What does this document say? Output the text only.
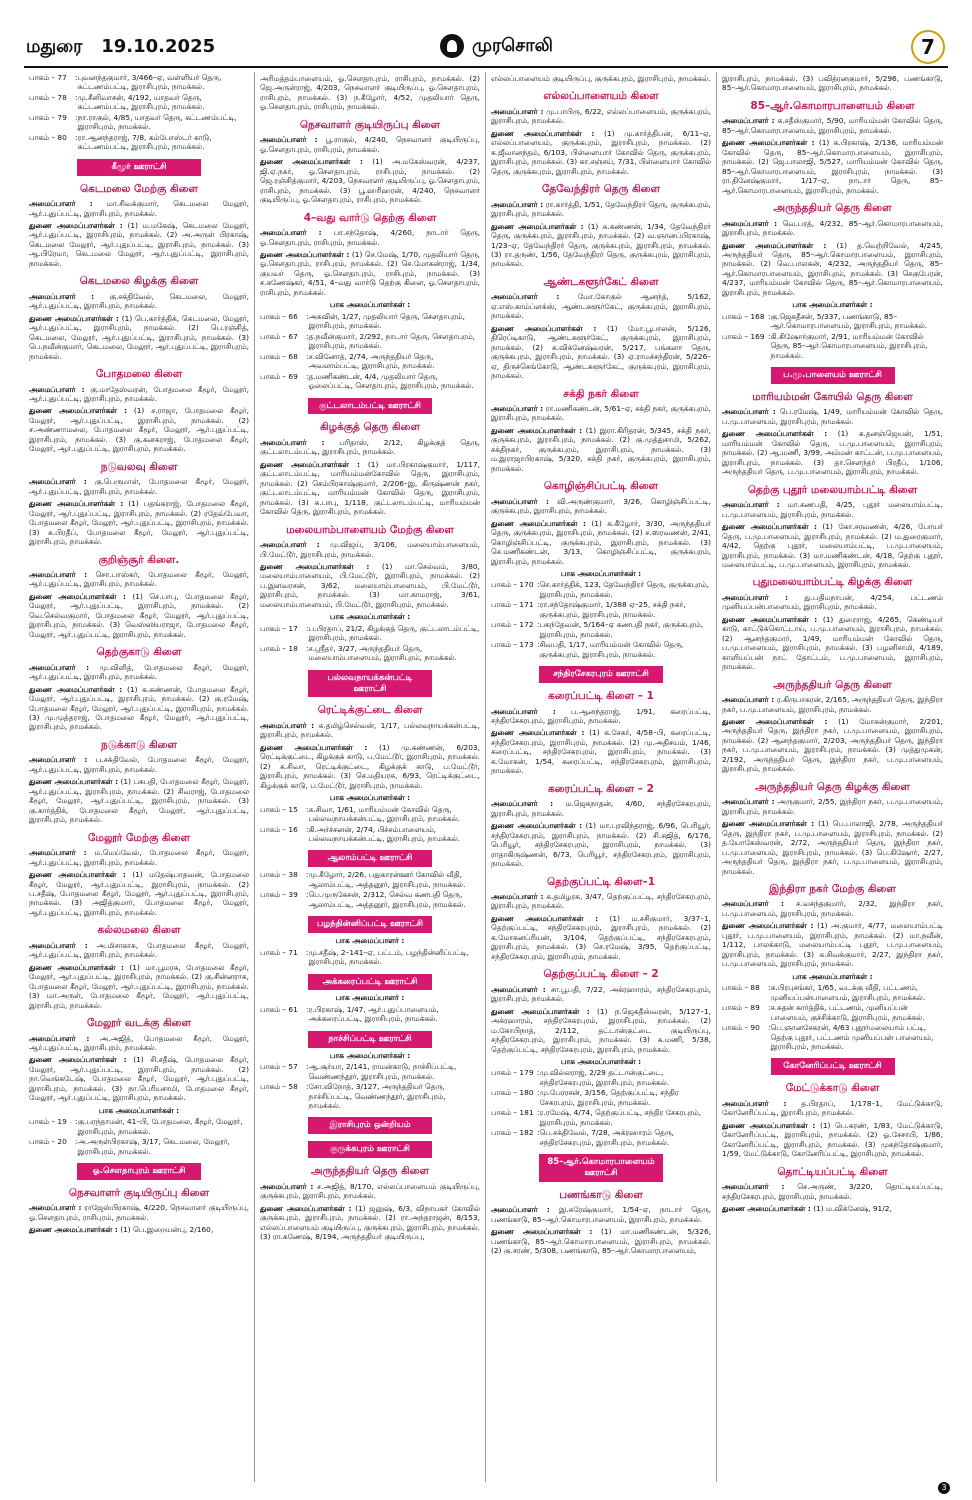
மதுரை 19.10.2025	முரசொலி	7
பாகம் – 77	: புவனந்தகுமார், 3/466–ஏ, வள்ளியர் தெரு, கட்டணம்பட்டி, இராசிபுரம், நாமக்கல்.
பாகம் – 78	: மு.சீனிவாசன், 4/192, யாதவர் தெரு, கட்டணம்பட்டி, இராசிபுரம், நாமக்கல்.
பாகம் – 79	: நா.ராகுல், 4/85, யாதவர் தெரு, கட்டணம்பட்டி, இராசிபுரம், நாமக்கல்.
பாகம் – 80	: ரா.ஆனந்தராஜ், 7/8, கம்போஸ்டர் காடு, கட்டணம்பட்டி, இராசிபுரம், நாமக்கல்.
கீழூர் ஊராட்சி
கெடமலை மேற்கு கிளை
அமைப்பாளர் : மா.சிவக்குமார், கெடமலை மேலூர், ஆர்.புதுப்பட்டி, இராசிபுரம், நாமக்கல்.
துணை அமைப்பாளர்கள் : (1) ம.மகேஷ், கெடமலை மேலூர், ஆர்.புதுப்பட்டி, இராசிபுரம், நாமக்கல். (2) அ.அருள் பிரகாஷ், கெடமலை மேலூர், ஆர்.புதுப்பட்டி, இராசிபுரம், நாமக்கல். (3) ஆ.பிரேமா, கெடமலை மேலூர், ஆர்.புதுப்பட்டி, இராசிபுரம், நாமக்கல்.
கெடமலை கிழக்கு கிளை
அமைப்பாளர் : கு.சக்திவேல், கெடமலை, மேலூர், ஆர்.புதுப்பட்டி, இராசிபுரம், நாமக்கல்.
துணை அமைப்பாளர்கள் : (1) பெ.கார்த்திக், கெடமலை, மேலூர், ஆர்.புதுப்பட்டி, இராசிபுரம், நாமக்கல். (2) பெ.ரஞ்சித், கெடமலை, மேலூர், ஆர்.புதுப்பட்டி, இராசிபுரம், நாமக்கல். (3) பெ.நவீன்குமார், கெடமலை, மேலூர், ஆர்.புதுப்பட்டி, இராசிபுரம், நாமக்கல்.
போதமலை கிளை
அமைப்பாளர் : கு.மாதேஸ்வரன், போதமலை கீழூர், மேலூர், ஆர்.புதுப்பட்டி, இராசிபுரம், நாமக்கல்.
துணை அமைப்பாளர்கள் : (1) ச.ராஜா, போதமலை கீழூர், மேலூர், ஆர்.புதுப்பட்டி, இராசிபுரம், நாமக்கல். (2) ச.அண்ணாமலை, போதமலை கீழூர், மேலூர், ஆர்.புதுப்பட்டி, இராசிபுரம், நாமக்கல். (3) கு.கனகராஜ், போதமலை கீழூர், மேலூர், ஆர்.புதுப்பட்டி, இராசிபுரம், நாமக்கல்.
நடுவலவு கிளை
அமைப்பாளர் : கு.பெருமாள், போதமலை கீழூர், மேலூர், ஆர்.புதுப்பட்டி, இராசிபுரம், நாமக்கல்.
துணை அமைப்பாளர்கள் : (1) பதங்கராஜ், போதமலை கீழூர், மேலூர், ஆர்.புதுப்பட்டி, இராசிபுரம், நாமக்கல். (2) ரதேவ்பேவா, போதமலை கீழூர், மேலூர், ஆர்.புதுப்பட்டி, இராசிபுரம், நாமக்கல். (3) சு.பிரதீப், போதமலை கீழூர், மேலூர், ஆர்.புதுப்பட்டி, இராசிபுரம், நாமக்கல்.
குறிஞ்சூர் கிளை.
அமைப்பாளர் : சொ.பாஸ்கர், போதமலை கீழூர், மேலூர், ஆர்.புதுப்பட்டி, இராசிபுரம், நாமக்கல்.
துணை அமைப்பாளர்கள் : (1) செ.பாபு, போதமலை கீழூர், மேலூர், ஆர்.புதுப்பட்டி, இராசிபுரம், நாமக்கல். (2) வெ.செல்வகுமார், போதமலை கீழூர், மேலூர், ஆர்.புதுப்பட்டி, இராசிபுரம், நாமக்கல். (3) வெஸ்ஸியராஜா, போதமலை கீழூர், மேலூர், ஆர்.புதுப்பட்டி, இராசிபுரம், நாமக்கல்.
தெற்குகாடு கிளை
அமைப்பாளர் : மு.விளித், போதமலை கீழூர், மேலூர், ஆர்.புதுப்பட்டி, இராசிபுரம், நாமக்கல்.
துணை அமைப்பாளர்கள் : (1) க.கண்ணன், போதமலை கீழூர், மேலூர், ஆர்.புதுப்பட்டி, இராசிபுரம், நாமக்கல். (2) கு.ரமேஷ், போதமலை கீழூர், மேலூர், ஆர்.புதுப்பட்டி, இராசிபுரம், நாமக்கல். (3) மு.முத்தராஜ், போதமலை கீழூர், மேலூர், ஆர்.புதுப்பட்டி, இராசிபுரம், நாமக்கல்.
நடுக்காடு கிளை
அமைப்பாளர் : ப.சக்திவேல், போதமலை கீழூர், மேலூர், ஆர்.புதுப்பட்டி, இராசிபுரம், நாமக்கல்.
துணை அமைப்பாளர்கள் : (1) பசுபதி, போதமலை கீழூர், மேலூர், ஆர்.புதுப்பட்டி, இராசிபுரம், நாமக்கல். (2) சிவராஜ், போதமலை கீழூர், மேலூர், ஆர்.புதுப்பட்டி, இராசிபுரம், நாமக்கல். (3) கு.கார்த்திக், போதமலை கீழூர், மேலூர், ஆர்.புதுப்பட்டி, இராசிபுரம், நாமக்கல்.
மேலூர் மேற்கு கிளை
அமைப்பாளர் : ம.மெய்வேல், போதமலை கீழூர், மேலூர், ஆர்.புதுப்பட்டி, இராசிபுரம், நாமக்கல்.
துணை அமைப்பாளர்கள் : (1) மதேஷ்பாதவன், போதமலை கீழூர், மேலூர், ஆர்.புதுப்பட்டி, இராசிபுரம், நாமக்கல். (2) ப.சதீஷ், போதமலை கீழூர், மேலூர், ஆர்.புதுப்பட்டி, இராசிபுரம், நாமக்கல். (3) அஜித்குமார், போதமலை கீழூர், மேலூர், ஆர்.புதுப்பட்டி, இராசிபுரம், நாமக்கல்.
கல்லமலை கிளை
அமைப்பாளர் : அ.மிசாகாசு, போதமலை கீழூர், மேலூர், ஆர்.புதுப்பட்டி, இராசிபுரம், நாமக்கல்.
துணை அமைப்பாளர்கள் : (1) மா.பூமரசு, போதமலை கீழூர், மேலூர், ஆர்.புதுப்பட்டி, இராசிபுரம், நாமக்கல். (2) கு.சின்னராசு, போதமலை கீழூர், மேலூர், ஆர்.புதுப்பட்டி, இராசிபுரம், நாமக்கல். (3) மா.அருள், போதமலை கீழூர், மேலூர், ஆர்.புதுப்பட்டி, இராசிபுரம், நாமக்கல்.
மேலூர் வடக்கு கிளை
அமைப்பாளர் : அ.அஜித், போதமலை கீழூர், மேலூர், ஆர்.புதுப்பட்டி, இராசிபுரம், நாமக்கல்.
துணை அமைப்பாளர்கள் : (1) சி.சதீஷ், போதமலை கீழூர், மேலூர், ஆர்.புதுப்பட்டி, இராசிபுரம், நாமக்கல். (2) நா.வெங்கடேஷ், போதமலை கீழூர், மேலூர், ஆர்.புதுப்பட்டி, இராசிபுரம், நாமக்கல். (3) நா.பெரியசாமி, போதமலை கீழூர், மேலூர், ஆர்.புதுப்பட்டி, இராசிபுரம், நாமக்கல்.
பாக அமைப்பாளர்கள் :
பாகம் – 19	: கு.பரந்தாமன், 41–பி, போதமலை, கீழூர், மேலூர், இராசிபுரம், நாமக்கல்.
பாகம் – 20	: அ.அருள்பிரகாஷ், 3/17, கெடமலை, மேலூர், இராசிபுரம், நாமக்கல்.
ஓ.சௌதாபுரம் ஊராட்சி
நெசவாளர் குடியிருப்பு கிளை
அமைப்பாளர் : ராஜேஸ்பிரகாஷ், 4/220, நெசவாளர் குடியிருப்பு, ஓ.சௌதாபுரம், ராசிபுரம், நாமக்கல்.
துணை அமைப்பாளர்கள் : (1) பெ.இறையன்பு, 2/160,
அரிமத்தம்பாளையம், ஓ.சௌதாபுரம், ராசிபுரம், நாமக்கல். (2) ஜெ.அருள்ராஜ், 4/203, நெசவாளர் குடியிருப்பு, ஓ.சௌதாபுரம், ராசிபுரம், நாமக்கல். (3) ந.கீழோர், 4/52, முதலியார் தெரு, ஓ.சௌதாபுரம், ராசிபுரம், நாமக்கல்.
நெசவாளர் குடியிருப்பு கிளை
அமைப்பாளர் : பூ.ராகுல், 4/240, நெசவாளர் குடியிருப்பு, ஓ.சௌதாபுரம், ராசிபுரம், நாமக்கல்.
துணை அமைப்பாளர்கள் : (1) அ.மகேஸ்வரன், 4/237, ஜி.ஏ.நகர், ஓ.சௌதாபுரம், ராசிபுரம், நாமக்கல். (2) ஜெ.ரஞ்சித்குமார், 4/203, நெசவாளர் குடியிருப்பு, ஓ.சௌதாபுரம், ராசிபுரம், நாமக்கல். (3) பூ.ஹரிஹரன், 4/240, நெசவாளர் குடியிருப்பு, ஓ.சௌதாபுரம், ராசிபுரம், நாமக்கல்.
4–வது வார்டு தெற்கு கிளை
அமைப்பாளர் : பா.சந்தோஷ், 4/260, நாடார் தெரு, ஓ.சௌதாபுரம், ராசிபுரம், நாமக்கல்.
துணை அமைப்பாளர்கள் : (1) செ.மேஷ், 1/70, முதலியார் தெரு, ஓ.சௌதாபுரம், ராசிபுரம், நாமக்கல். (2) செ.மோகன்ராஜ், 1/34, குயவர் தெரு, ஓ.சௌதாபுரம், ராசிபுரம், நாமக்கல். (3) ச.கணேஷ்கர், 4/51, 4–வது வார்டு தெற்கு கிளை, ஓ.சௌதாபுரம், ராசிபுரம், நாமக்கல்.
பாக அமைப்பாளர்கள் :
பாகம் – 66	: அசுவின், 1/27, முதலியார் தெரு, சௌதாபுரம், இராசிபுரம், நாமக்கல்.
பாகம் – 67	: த.நவீன்குமார், 2/292, நாடார் தெரு, சௌதாபுரம், இராசிபுரம், நாமக்கல்.
பாகம் – 68	: ச.வினோத், 2/74, அருந்ததியர் தெரு, அவலாம்பட்டி, இராசிபுரம், நாமக்கல்.
பாகம் – 69	: த.மணிகண்டன், 4/4, முதலியார் தெரு, ஓலைப்பட்டி, சௌதாபுரம், இராசிபுரம், நாமக்கல்.
குட்டலாடம்பட்டி ஊராட்சி
கிழக்குத் தெரு கிளை
அமைப்பாளர் : பரிதாஸ், 2/12, கிழக்குத் தெரு, குட்டலாடம்பட்டி, இராசிபுரம், நாமக்கல்.
துணை அமைப்பாளர்கள் : (1) மா.பிரகாஷ்குமார், 1/117, குட்டலாடம்பட்டி, மாரியம்மன்கோவில் தெரு, இராசிபுரம், நாமக்கல். (2) செம்பிரகாஷ்குமார், 2/206–இ, கிருஷ்ணன் நகர், குட்டலாடம்பட்டி, மாரியம்மன் கோவில் தெரு, இராசிபுரம், நாமக்கல். (3) க.பாபு, 1/118, குட்டலாடம்பட்டி, மாரியம்மன் கோவில் தெரு, இராசிபுரம், நாமக்கல்.
மலையாம்பாளையம் மேற்கு கிளை
அமைப்பாளர் : மு.விஜய், 3/106, மலையாம்பாளையம், பி.மேட்டூர், இராசிபுரம், நாமக்கல்.
துணை அமைப்பாளர்கள் : (1) மா.செல்வம், 3/80, மலையாம்பாளையம், பி.மேட்டூர், இராசிபுரம், நாமக்கல். (2) ப.இளவரசன், 3/62, மலையாம்பாளையம், பி.மேட்டூர், இராசிபுரம், நாமக்கல். (3) மா.காமராஜ், 3/61, மலையாம்பாளையம், பி.மேட்டூர், இராசிபுரம், நாமக்கல்.
பாக அமைப்பாளர்கள் :
பாகம் – 17	: ப.பிரதாப், 21/2, கிழக்குத் தெரு, குட்டலாடம்பட்டி, இராசிபுரம், நாமக்கல்.
பாகம் – 18	: ச.ஸ்ரீதர், 3/27, அருந்ததியர் தெரு, மலையாம்பாளையம், இராசிபுரம், நாமக்கல்.
பல்லவநாயக்கன்பட்டி ஊராட்சி
ரெட்டிக்குட்டை கிளை
அமைப்பாளர் : க.தமிழ்செல்வன், 1/17, பல்லவநாயக்கன்பட்டி, இராசிபுரம், நாமக்கல்.
துணை அமைப்பாளர்கள் : (1) மு.கண்ணன், 6/203, ரெட்டிக்குட்டை, கிழக்குக் காடு, ப.மேட்டூர், இராசிபுரம், நாமக்கல். (2) க.சிவா, ரெட்டிக்குட்டை, கிழக்குக் காடு, ப.மேட்டூர், இராசிபுரம், நாமக்கல். (3) செ.மதியரசு, 6/93, ரெட்டிக்குட்டை, கிழக்குக் காடு, ப.மேட்டூர், இராசிபுரம், நாமக்கல்.
பாக அமைப்பாளர்கள் :
பாகம் – 15	: க.சிவா, 1/61, மாரியம்மன் கோவில் தெரு, பல்லவநாயக்கன்பட்டி, இராசிபுரம், நாமக்கல்.
பாகம் – 16	: கி.அர்ச்சனன், 2/74, பிச்சம்பாளையம், பல்லவநாயக்கன்பட்டி, இராசிபுரம், நாமக்கல்.
ஆலாம்பட்டி ஊராட்சி
பாகம் – 38	: மு.கீழோர், 2/26, பதுகாரன்ஊர் கோவில் வீதி, ஆலாம்பட்டி, அத்தனூர், இராசிபுரம், நாமக்கல்.
பாகம் – 39	: பெ.முருகேசன், 2/312, செல்வ கணபதி தெரு, ஆலாம்பட்டி, அத்தனூர், இராசிபுரம், நாமக்கல்.
பழந்தின்னிப்பட்டி ஊராட்சி
பாக அமைப்பாளர் :
பாகம் – 71	: மு.சதீஷ், 2–141–ஏ, பட்டம், பழந்தின்னிப்பட்டி, இராசிபுரம், நாமக்கல்.
அக்கரைப்பட்டி ஊராட்சி
பாக அமைப்பாளர் :
பாகம் – 61	: ர.பிரகாஷ், 1/47, ஆர்.புதுப்பாளையம், அக்கரைப்பட்டி, இராசிபுரம், நாமக்கல்.
நாச்சிப்பட்டி ஊராட்சி
பாக அமைப்பாளர்கள் :
பாகம் – 57	: ஆ.சூர்யா, 2/141, ராமன்காடு, நாச்சிப்பட்டி, வெண்ணந்தூர், இராசிபுரம், நாமக்கல்.
பாகம் – 58	: சோ.விநோத், 3/127, அருந்ததியர் தெரு, நாச்சிப்பட்டி, வெண்ணந்தூர், இராசிபுரம், நாமக்கல்.
இராசிபுரம் ஒன்றியம்
குருக்கபுரம் ஊராட்சி
அருந்ததியர் தெரு கிளை
அமைப்பாளர் : ச.அஜித், 8/170, எல்லப்பாளையம் குடியிருப்பு, குருக்கபுரம், இராசிபுரம், நாமக்கல்.
துணை அமைப்பாளர்கள் : (1) ஜனுஷ், 6/3, விநாயகர் கோவில் குருக்கபுரம், இராசிபுரம், நாமக்கல். (2) ரா.அந்தராஜன், 8/153, எல்லப்பாளையம் குடியிருப்பு, குருக்கபுரம், இராசிபுரம், நாமக்கல். (3) ரா.கணேஷ், 8/194, அருந்ததியர் குடியிருப்பு,
எல்லப்பாளையம் குடியிருப்பு, குருக்கபுரம், இராசிபுரம், நாமக்கல்.
எல்லப்பாளையம் கிளை
அமைப்பாளர் : மு.பாபிரு, 6/22, எல்லப்பாளையம், குருக்கபுரம், இராசிபுரம், நாமக்கல்.
துணை அமைப்பாளர்கள் : (1) மு.கார்த்திபன், 6/11–ஏ, எல்லப்பாளையம், குருக்கபுரம், இராசிபுரம், நாமக்கல். (2) க.ஜீவானந்தம், 6/103, பிள்ளையார் கோவில் தெரு, குருக்கபுரம், இராசிபுரம், நாமக்கல். (3) கா.சஞ்சய், 7/31, பிள்ளையார் கோவில் தெரு, குருக்கபுரம், இராசிபுரம், நாமக்கல்.
தேவேந்திரர் தெரு கிளை
அமைப்பாளர் : ரா.கார்த்தி, 1/51, தேவேந்திரர் தெரு, குருக்கபுரம், இராசிபுரம், நாமக்கல்.
துணை அமைப்பாளர்கள் : (1) சு.கண்ணன், 1/34, தேவேந்திரர் தெரு, குருக்கபுரம், இராசிபுரம், நாமக்கல். (2) வ.ஞானப்பிரகாஷ், 1/23–ஏ, தேவேந்திரர் தெரு, குருக்கபுரம், இராசிபுரம், நாமக்கல். (3) ரா.தருண், 1/56, தேவேந்திரர் தெரு, குருக்கபுரம், இராசிபுரம், நாமக்கல்.
ஆண்டகளூர்கேட் கிளை
அமைப்பாளர் :	மோ.கோகுல் ஆனந்த், 5/162, ஏ.எஸ்.காம்ப்ளக்ஸ், ஆண்டகளூர்கேட், குருக்கபுரம், இராசிபுரம், நாமக்கல்.
துணை அமைப்பாளர்கள் : (1) மோ.பூபாலன், 5/126, திரெப்டிகாடு, ஆண்டகளூர்கேட், குருக்கபுரம், இராசிபுரம், நாமக்கல். (2) க.விக்னேஷ்வரன், 5/217, பங்களா தெரு, குருக்கபுரம், இராசிபுரம், நாமக்கல். (3) ஏ.ராமச்சந்திரன், 5/226–ஏ, திருச்செங்கோடு, ஆண்டகளூர்கேட், குருக்கபுரம், இராசிபுரம், நாமக்கல்.
சக்தி நகர் கிளை
அமைப்பாளர் : ரா.மணிகண்டன், 5/61–ஏ, சக்தி நகர், குருக்கபுரம், இராசிபுரம், நாமக்கல்.
துணை அமைப்பாளர்கள் : (1) இரா.கிரிதரன், 5/345, சக்தி நகர், குருக்கபுரம், இராசிபுரம், நாமக்கல். (2) கு.முத்துசாமி, 5/262, சக்திநகர், குருக்கபுரம், இராசிபுரம், நாமக்கல். (3) ம.இராஜாபிரகாஷ், 5/320, சக்தி நகர், குருக்கபுரம், இராசிபுரம், நாமக்கல்.
கொழிஞ்சிப்பட்டி கிளை
அமைப்பாளர் : வி.அருண்குமார், 3/26, கொழிஞ்சிப்பட்டி, குருக்கபுரம், இராசிபுரம், நாமக்கல்.
துணை அமைப்பாளர்கள் : (1) க.கீழோர், 3/30, அருந்ததியர் தெரு, குருக்கபுரம், இராசிபுரம், நாமக்கல். (2) ச.ஸரவணன், 2/41, கொழிஞ்சிப்பட்டி, குருக்கபுரம், இராசிபுரம், நாமக்கல். (3) செ.மணிகண்டன், 3/13, கொழிஞ்சிப்பட்டி, குருக்கபுரம், இராசிபுரம், நாமக்கல்.
பாக அமைப்பாளர்கள் :
பாகம் – 170 : செ.கார்த்திக், 123, தேவேந்திரர் தெரு, குருக்கபுரம், இராசிபுரம், நாமக்கல்.
பாகம் – 171 : ரா.சந்தோஷ்குமார், 1/388 ஏ–25, சக்தி நகர், குருக்கபுரம், இராசிபுரம், நாமக்கல்.
பாகம் – 172 : பசுந்தேவன், 5/164–ஏ கணபதி நகர், குருக்கபுரம், இராசிபுரம், நாமக்கல்.
பாகம் – 173 : சிவபதி, 1/17, மாரியம்மன் கோவில் தெரு, குருக்கபுரம், இராசிபுரம், நாமக்கல்.
சந்திரசேகரபுரம் ஊராட்சி
கரைப்பட்டி கிளை – 1
அமைப்பாளர் : ப.ஆனந்தராஜ், 1/91, கரைப்பட்டி, சந்திரசேகரபுரம், இராசிபுரம், நாமக்கல்.
துணை அமைப்பாளர்கள் : (1) க.சேகர், 4/58–பி, கரைப்பட்டி, சந்திரசேகரபுரம், இராசிபுரம், நாமக்கல். (2) மு.அதிசயம், 1/46, கரைப்பட்டி, சந்திரசேகரபுரம், இராசிபுரம், நாமக்கல். (3) க.மோகன், 1/54, கரைப்பட்டி, சந்திரசேகரபுரம், இராசிபுரம், நாமக்கல்.
கரைப்பட்டி கிளை – 2
அமைப்பாளர் : ம.ஜெகநாதன், 4/60, சந்திரசேகரபுரம், இராசிபுரம், நாமக்கல்.
துணை அமைப்பாளர்கள் : (1) மா.புரவிந்தராஜ், 6/96, பெரியூர், சந்திரசேகரபுரம், இராசிபுரம், நாமக்கல். (2) சி.சுஜித், 6/176, பெரியூர், சந்திரசேகரபுரம், இராசிபுரம், நாமக்கல். (3) ராதாகிருஷ்ணன், 6/73, பெரியூர், சந்திரசேகரபுரம், இராசிபுரம், நாமக்கல்.
தெற்குப்பட்டி கிளை–1
அமைப்பாளர் : க.தமிழரசு, 3/47, தெற்குப்பட்டி, சந்திரசேகரபுரம், இராசிபுரம், நாமக்கல்.
துணை அமைப்பாளர்கள் : (1) ம.சசிகுமார், 3/37–1, தெற்குப்பட்டி, சந்திரசேகரபுரம், இராசிபுரம், நாமக்கல். (2) க.மோகனப்ரியன், 3/104, தெற்குப்பட்டி, சந்திரசேகரபுரம், இராசிபுரம், நாமக்கல். (3) செ.ரமேஷ், 3/95, தெற்குப்பட்டி, சந்திரசேகரபுரம், இராசிபுரம், நாமக்கல்.
தெற்குப்பட்டி கிளை – 2
அமைப்பாளர் : சா.பூபதி, 7/22, அக்ரஹாரம், சந்திரசேகரபுரம், இராசிபுரம், நாமக்கல்.
துணை அமைப்பாளர்கள் : (1) ந.ஜெகதீஸ்வரன், 5/127–1, அக்ரஹாரம், சந்திரசேகரபுரம், இராசிபுரம், நாமக்கல். (2) ம.கோபிநாத், 2/112, தட்டான்குட்டை குடியிருப்பு, சந்திரசேகரபுரம், இராசிபுரம், நாமக்கல். (3) சு.மணி, 5/38, தெற்குப்பட்டி, சந்திரசேகரபுரம், இராசிபுரம், நாமக்கல்.
பாக அமைப்பாளர்கள் :
பாகம் – 179 : மு.வில்லராஜ், 2/29 தட்டான்குட்டை, சந்திரசேகரபுரம், இராசிபுரம், நாமக்கல்.
பாகம் – 180 : மு.பேரரசன், 3/156, தெற்குப்பட்டி, சந்திர சேகரபுரம், இராசிபுரம், நாமக்கல்.
பாகம் – 181 : ர.ரமேஷ், 4/74, தெற்குப்பட்டி, சந்திர சேகரபுரம், இராசிபுரம், நாமக்கல்.
பாகம் – 182 : பெ.சக்திவேல், 7/28, அக்ரஹாரம் தெரு, சந்திரசேகரபுரம், இராசிபுரம், நாமக்கல்.
85–ஆர்.கொமாரபாளையம் ஊராட்சி
பணங்காடு கிளை
அமைப்பாளர் : இ.சுரேஷ்குமார், 1/54–ஏ, நாடார் தெரு, பணங்காடு, 85–ஆர்.கொமாரபாளையம், இராசிபுரம், நாமக்கல்.
துணை அமைப்பாளர்கள் : (1) மா.மணிகண்டன், 5/326, பணங்காடு, 85–ஆர்.கொமாரபாளையம், இராசிபுரம், நாமக்கல். (2) கு.சரண், 5/308, பணங்காடு, 85–ஆர்.கொமாரபாளையம்,
இராசிபுரம், நாமக்கல். (3) பவித்ரனகுமார், 5/296, பணங்காடு, 85–ஆர்.கொமாரபாளையம், இராசிபுரம், நாமக்கல்.
85–ஆர்.கொமாரபாளையம் கிளை
அமைப்பாளர் : க.சதீஸ்குமார், 5/90, மாரியம்மன் கோவில் தெரு, 85–ஆர்.கொமாரபாளையம், இராசிபுரம், நாமக்கல்.
துணை அமைப்பாளர்கள் : (1) க.பிரகாஷ், 2/136, மாரியம்மன் கோவில் தெரு, 85–ஆர்.கொமாரபாளையம், இராசிபுரம், நாமக்கல். (2) ஜெ.பாலாஜி, 5/527, மாரியம்மன் கோவில் தெரு, 85–ஆர்.கொமாரபாளையம், இராசிபுரம், நாமக்கல். (3) ரா.தினேஷ்குமார், 1/17–ஏ, நாடார் தெரு, 85–ஆர்.கொமாரபாளையம், இராசிபுரம், நாமக்கல்.
அருந்ததியர் தெரு கிளை
அமைப்பாளர் : வெ.பரத், 4/232, 85–ஆர்.கொமாரபாளையம், இராசிபுரம், நாமக்கல்.
துணை அமைப்பாளர்கள் : (1) த.வெற்றிவேல், 4/245, அருந்ததியர் தெரு, 85–ஆர்.கொமாரபாளையம், இராசிபுரம், நாமக்கல். (2) வெ.பாலகன், 4/232, அருந்ததியர் தெரு, 85–ஆர்.கொமாரபாளையம், இராசிபுரம், நாமக்கல். (3) செகுபேரன், 4/237, மாரியம்மன் கோவில் தெரு, 85–ஆர்.கொமாரபாளையம், இராசிபுரம், நாமக்கல்.
பாக அமைப்பாளர்கள் :
பாகம் – 168 : கு.ஜெகதீசன், 5/337, பணங்காடு, 85–ஆர்.கொமாரபாளையம், இராசிபுரம், நாமக்கல்.
பாகம் – 169 : கி.கிஷோர்குமார், 2/91, மாரியம்மன் கோவில் தெரு, 85–ஆர்.கொமாரபாளையம், இராசிபுரம், நாமக்கல்.
ப.மு.பாளையம் ஊராட்சி
மாரியம்மன் கோயில் தெரு கிளை
அமைப்பாளர் : பெ.ரமேஷ், 1/49, மாரியம்மன் கோவில் தெரு, ப.மு.பாளையம், இராசிபுரம், நாமக்கல்.
துணை அமைப்பாளர்கள் : (1) க.தனஞ்ஜெயன், 1/51, மாரியம்மன் கோவில் தெரு, ப.மு.பாளையம், இராசிபுரம், நாமக்கல். (2) ஆ.மணி, 3/99, அம்மன் காட்டன், ப.மு.பாளையம், இராசிபுரம், நாமக்கல். (3) தா.சௌந்தர் பிரதீப், 1/106, அருந்ததியர் தெரு, ப.மு.பாளையம், இராசிபுரம், நாமக்கல்.
தெற்கு புதூர் மலையாம்பட்டி கிளை
அமைப்பாளர் : மா.கணபதி, 4/25, புதூர் மலையாம்பட்டி, ப.மு.பாளையம், இராசிபுரம், நாமக்கல்.
துணை அமைப்பாளர்கள் : (1) கோ.சரவணன், 4/26, போயர் தெரு, ப.மு.பாளையம், இராசிபுரம், நாமக்கல். (2) ம.துரைகுமார், 4/42, தெற்கு புதூர், மலையாம்பட்டி, ப.மு.பாளையம், இராசிபுரம், நாமக்கல். (3) மா.மணிகண்டன், 4/18, தெற்கு புதூர், மலையாம்பட்டி, ப.மு.பாளையம், இராசிபுரம், நாமக்கல்.
புதுமலையாம்பட்டி கிழக்கு கிளை
அமைப்பாளர் : து.பதிமநாபன், 4/254, பட்டணம் முனியப்பன்பாளையம், இராசிபுரம், நாமக்கல்.
துணை அமைப்பாளர்கள் : (1) துரைராஜ், 4/265, கெண்டியர் காடு, காட்டுக்கொட்டாய், ப.மு.பாளையம், இராசிபுரம், நாமக்கல். (2) ஆனந்தகுமார், 1/49, மாரியம்மன் கோவில் தெரு, ப.மு.பாளையம், இராசிபுரம், நாமக்கல். (3) பழனிசாமி, 4/189, காளியப்பன் நாட் தோட்டம், ப.மு.பாளையம், இராசிபுரம், நாமக்கல்.
அருந்ததியர் தெரு கிளை
அமைப்பாளர் : ர.கிருபாகரன், 2/165, அருந்ததியர் தெரு, இந்திரா நகர், ப.மு.பாளையம், இராசிபுரம், நாமக்கல்.
துணை அமைப்பாளர்கள் : (1) மோகன்குமார், 2/201, அருந்ததியர் தெரு, இந்திரா நகர், ப.மு.பாளையம், இராசிபுரம், நாமக்கல். (2) ஆனந்தகுமார், 2/203, அருந்ததியர் தெரு, இந்திரா நகர், ப.மு.பாளையம், இராசிபுரம், நாமக்கல். (3) முத்துமுகன், 2/192, அருந்ததியர் தெரு, இந்திரா நகர், ப.மு.பாளையம், இராசிபுரம், நாமக்கல்.
அருந்ததியர் தெரு கிழக்கு கிளை
அமைப்பாளர் : அருகுமார், 2/55, இந்திரா நகர், ப.மு.பாளையம், இராசிபுரம், நாமக்கல்.
துணை அமைப்பாளர்கள் : (1) பெ.பாலாஜி, 2/78, அருந்ததியர் தெரு, இந்திரா நகர், ப.மு.பாளையம், இராசிபுரம், நாமக்கல். (2) த.யோகேஸ்வரன், 2/72, அருந்ததியர் தெரு, இந்திரா நகர், ப.மு.பாளையம், இராசிபுரம், நாமக்கல். (3) பெ.கிஷோர், 2/27, அருந்ததியர் தெரு, இந்திரா நகர், ப.மு.பாளையம், இராசிபுரம், நாமக்கல்.
இந்திரா நகர் மேற்கு கிளை
அமைப்பாளர் : ச.வசந்தகுமார், 2/32, இந்திரா நகர், ப.மு.பாளையம், இராசிபுரம், நாமக்கல்.
துணை அமைப்பாளர்கள் : (1) அ.குமார், 4/77, மலையாம்பட்டி புதூர், ப.மு.பாளையம், இராசிபுரம், நாமக்கல். (2) மா.நவீன், 1/112, பாலக்காடு, மலையாம்பட்டி புதூர், ப.மு.பாளையம், இராசிபுரம், நாமக்கல். (3) க.சிவக்குமார், 2/27, இந்திரா நகர், ப.மு.பாளையம், இராசிபுரம், நாமக்கல்.
பாக அமைப்பாளர்கள் :
பாகம் – 88	: க.பிரபுசங்கர், 1/65, வடக்கு வீதி, பட்டணம், முனியப்பன்பாளையம், இராசிபுரம், நாமக்கல்.
பாகம் – 89	: ச.சுதன் கார்த்திக், பட்டணம், முனியப்பன் பாளையம், குச்சிக்காடு, இராசிபுரம், நாமக்கல்.
பாகம் – 90	: பெ.ஞானசேகரன், 4/63 புதூர்மலையாம் பட்டி, தெற்கு புதூர், பட்டணம் முனியப்பன் பாளையம், இராசிபுரம், நாமக்கல்.
கோனேரிப்பட்டி ஊராட்சி
மேட்டுக்காடு கிளை
அமைப்பாளர் : த.பிரதாப், 1/178–1, மேட்டுக்காடு, கோனேரிப்பட்டி, இராசிபுரம், நாமக்கல்.
துணை அமைப்பாளர்கள் : (1) பெ.கரண், 1/83, மேட்டுக்காடு, கோனேரிப்பட்டி, இராசிபுரம், நாமக்கல். (2) ஓ.சேசாபி, 1/86, கோனேரிப்பட்டி, இராசிபுரம், நாமக்கல். (3) முகந்தோஷ்குமார், 1/59, மேட்டுக்காடு, கோனேரிப்பட்டி, இராசிபுரம், நாமக்கல்.
தொட்டியப்பட்டி கிளை
அமைப்பாளர் : செ.அருண், 3/220, தொட்டியப்பட்டி, சந்திரசேகரபுரம், இராசிபுரம், நாமக்கல்.
துணை அமைப்பாளர்கள் : (1) ம.விக்னேஷ், 91/2,
3
